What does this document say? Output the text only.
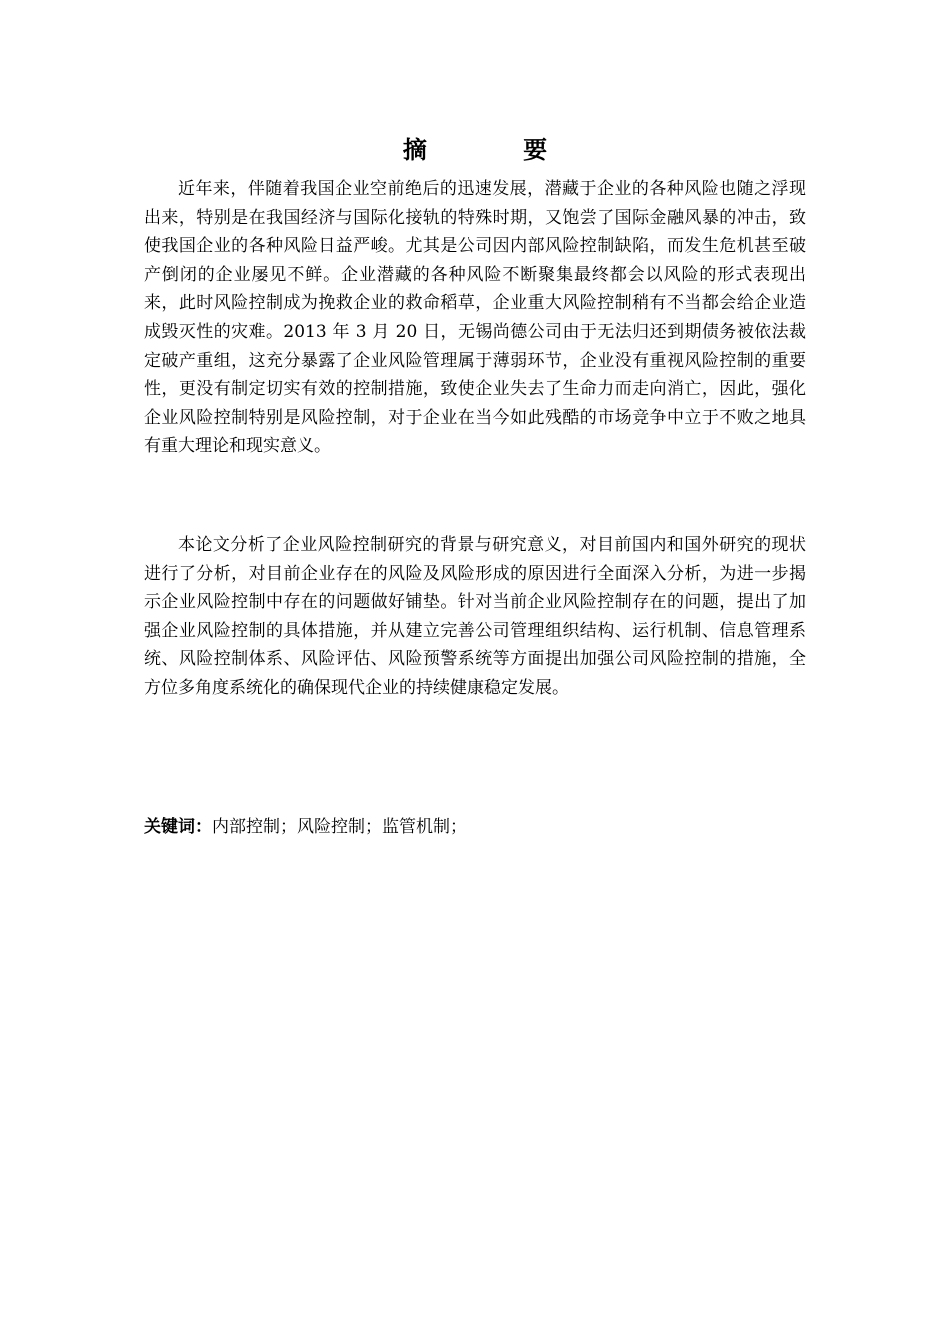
摘 要

近年来，伴随着我国企业空前绝后的迅速发展，潜藏于企业的各种风险也随之浮现出来，特别是在我国经济与国际化接轨的特殊时期，又饱尝了国际金融风暴的冲击，致使我国企业的各种风险日益严峻。尤其是公司因内部风险控制缺陷，而发生危机甚至破产倒闭的企业屡见不鲜。企业潜藏的各种风险不断聚集最终都会以风险的形式表现出来，此时风险控制成为挽救企业的救命稻草，企业重大风险控制稍有不当都会给企业造成毁灭性的灾难。2013 年 3 月 20 日，无锡尚德公司由于无法归还到期债务被依法裁定破产重组，这充分暴露了企业风险管理属于薄弱环节，企业没有重视风险控制的重要性，更没有制定切实有效的控制措施，致使企业失去了生命力而走向消亡，因此，强化企业风险控制特别是风险控制，对于企业在当今如此残酷的市场竞争中立于不败之地具有重大理论和现实意义。

本论文分析了企业风险控制研究的背景与研究意义，对目前国内和国外研究的现状进行了分析，对目前企业存在的风险及风险形成的原因进行全面深入分析，为进一步揭示企业风险控制中存在的问题做好铺垫。针对当前企业风险控制存在的问题，提出了加强企业风险控制的具体措施，并从建立完善公司管理组织结构、运行机制、信息管理系统、风险控制体系、风险评估、风险预警系统等方面提出加强公司风险控制的措施，全方位多角度系统化的确保现代企业的持续健康稳定发展。

关键词：内部控制；风险控制；监管机制；
